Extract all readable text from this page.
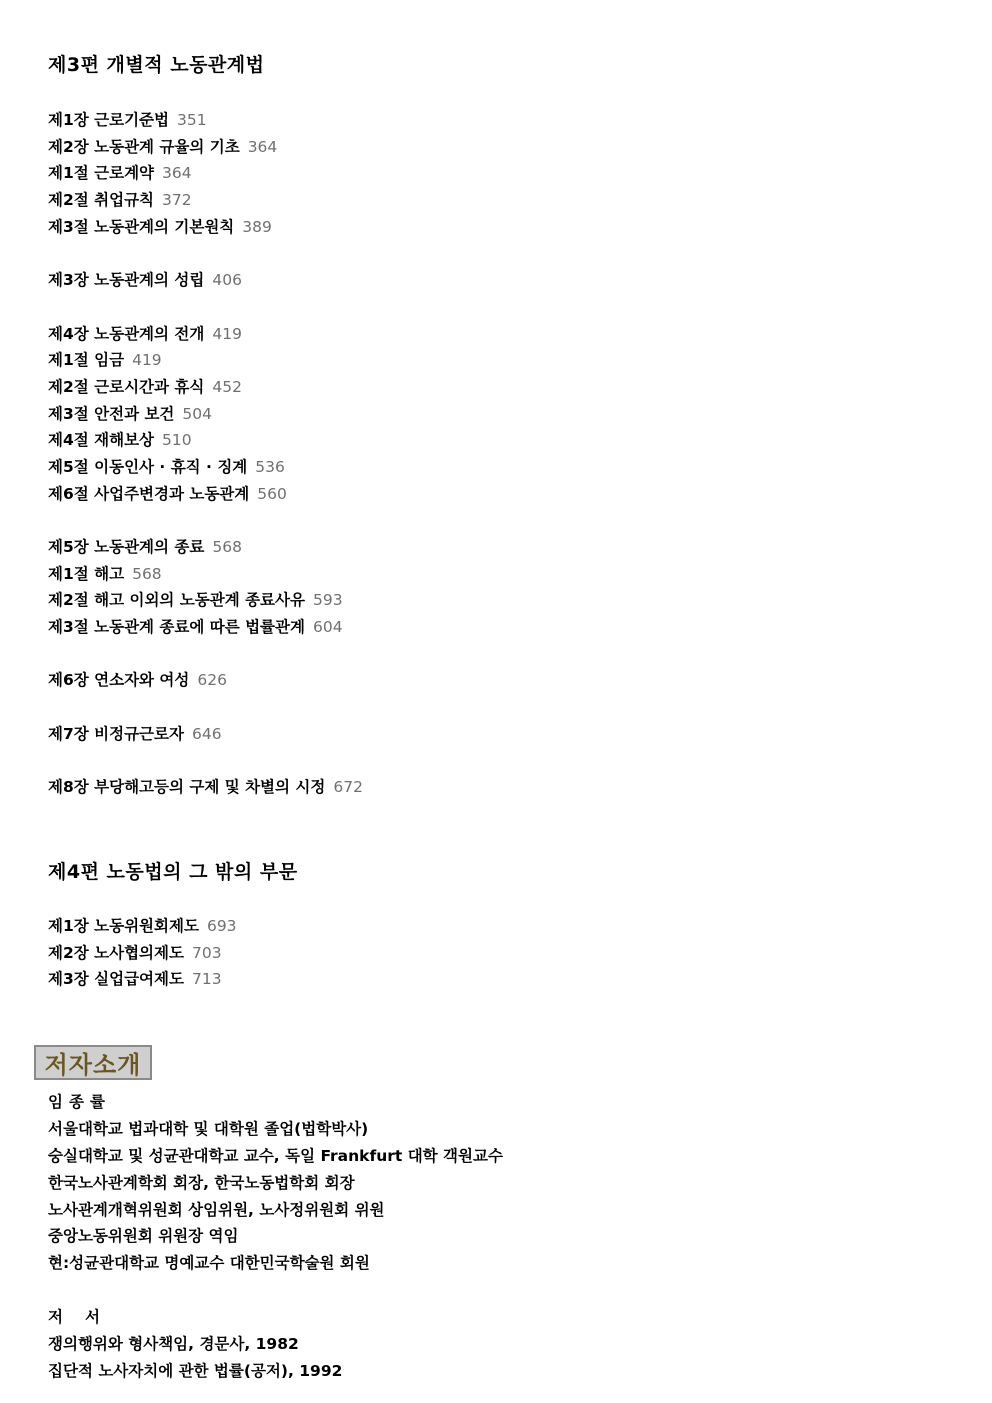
제3편 개별적 노동관계법
제1장 근로기준법 351
제2장 노동관계 규율의 기초 364
제1절 근로계약 364
제2절 취업규칙 372
제3절 노동관계의 기본원칙 389
제3장 노동관계의 성립 406
제4장 노동관계의 전개 419
제1절 임금 419
제2절 근로시간과 휴식 452
제3절 안전과 보건 504
제4절 재해보상 510
제5절 이동인사 · 휴직 · 징계 536
제6절 사업주변경과 노동관계 560
제5장 노동관계의 종료 568
제1절 해고 568
제2절 해고 이외의 노동관계 종료사유 593
제3절 노동관계 종료에 따른 법률관계 604
제6장 연소자와 여성 626
제7장 비정규근로자 646
제8장 부당해고등의 구제 및 차별의 시정 672
제4편 노동법의 그 밖의 부문
제1장 노동위원회제도 693
제2장 노사협의제도 703
제3장 실업급여제도 713
저자소개
임종률
서울대학교 법과대학 및 대학원 졸업(법학박사)
숭실대학교 및 성균관대학교 교수, 독일 Frankfurt 대학 객원교수
한국노사관계학회 회장, 한국노동법학회 회장
노사관계개혁위원회 상임위원, 노사정위원회 위원
중앙노동위원회 위원장 역임
현:성균관대학교 명예교수 대한민국학술원 회원
저서
쟁의행위와 형사책임, 경문사, 1982
집단적 노사자치에 관한 법률(공저), 1992
